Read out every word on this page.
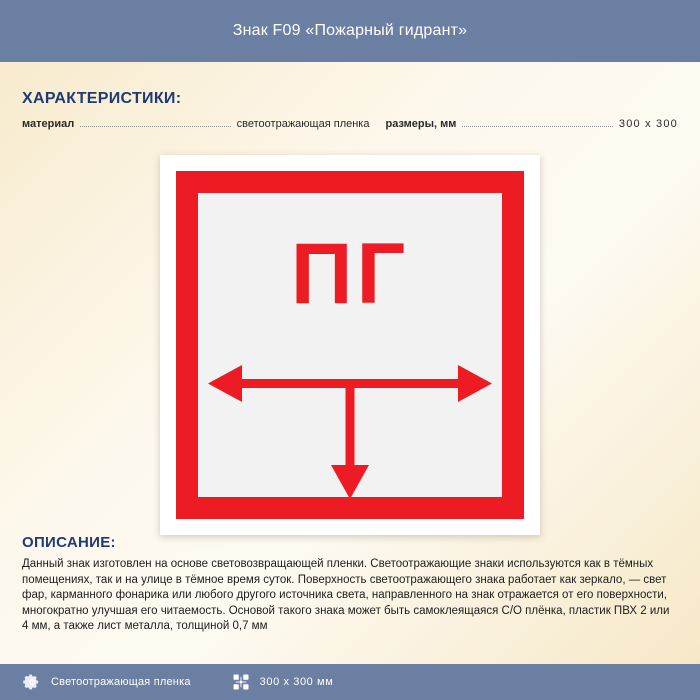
Знак F09 «Пожарный гидрант»
ХАРАКТЕРИСТИКИ:
материал	светоотражающая пленка размеры, мм	300 x 300
ПГ
ОПИСАНИЕ:

Данный знак изготовлен на основе световозвращающей пленки. Светоотражающие знаки используются как в тёмных помещениях, так и на улице в тёмное время суток. Поверхность светоотражающего знака работает как зеркало, — свет фар, карманного фонарика или любого другого источника света, направленного на знак отражается от его поверхности, многократно улучшая его читаемость. Основой такого знака может быть самоклеящаяся С/О плёнка, пластик ПВХ 2 или 4 мм, а также лист металла, толщиной 0,7 мм

Светоотражающая пленка	300 x 300 мм
